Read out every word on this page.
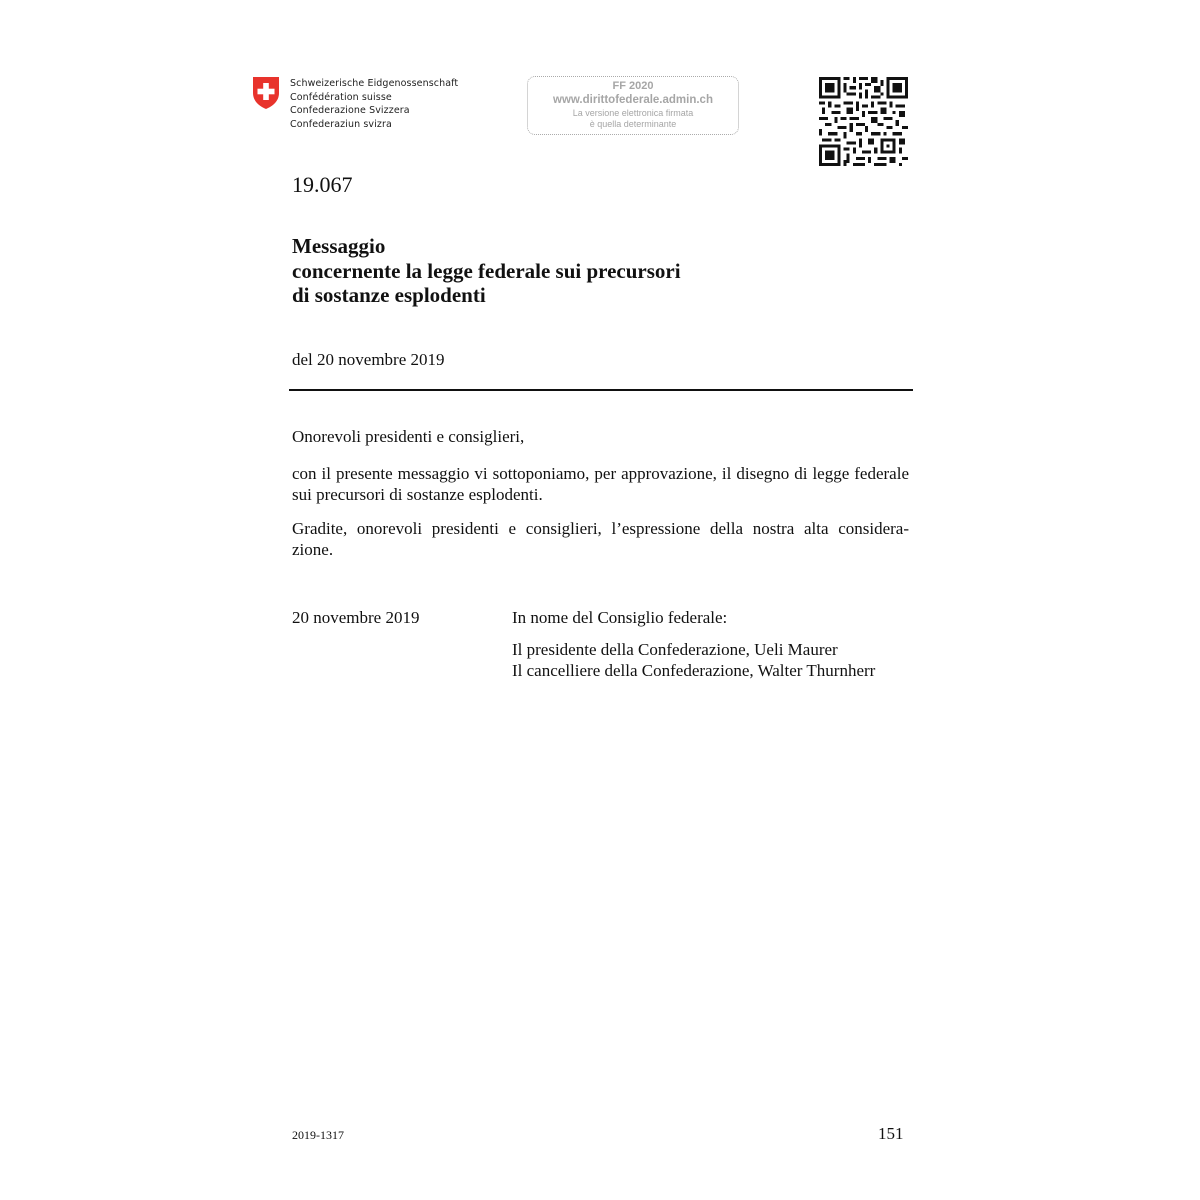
Schweizerische Eidgenossenschaft
Confédération suisse
Confederazione Svizzera
Confederaziun svizra
FF 2020
www.dirittofederale.admin.ch
La versione elettronica firmata
è quella determinante
19.067
Messaggio
concernente la legge federale sui precursori
di sostanze esplodenti
del 20 novembre 2019
Onorevoli presidenti e consiglieri,
con il presente messaggio vi sottoponiamo, per approvazione, il disegno di legge federale sui precursori di sostanze esplodenti.
Gradite, onorevoli presidenti e consiglieri, l’espressione della nostra alta considera-
zione.
20 novembre 2019	In nome del Consiglio federale:
Il presidente della Confederazione, Ueli Maurer
Il cancelliere della Confederazione, Walter Thurnherr
2019-1317	151
